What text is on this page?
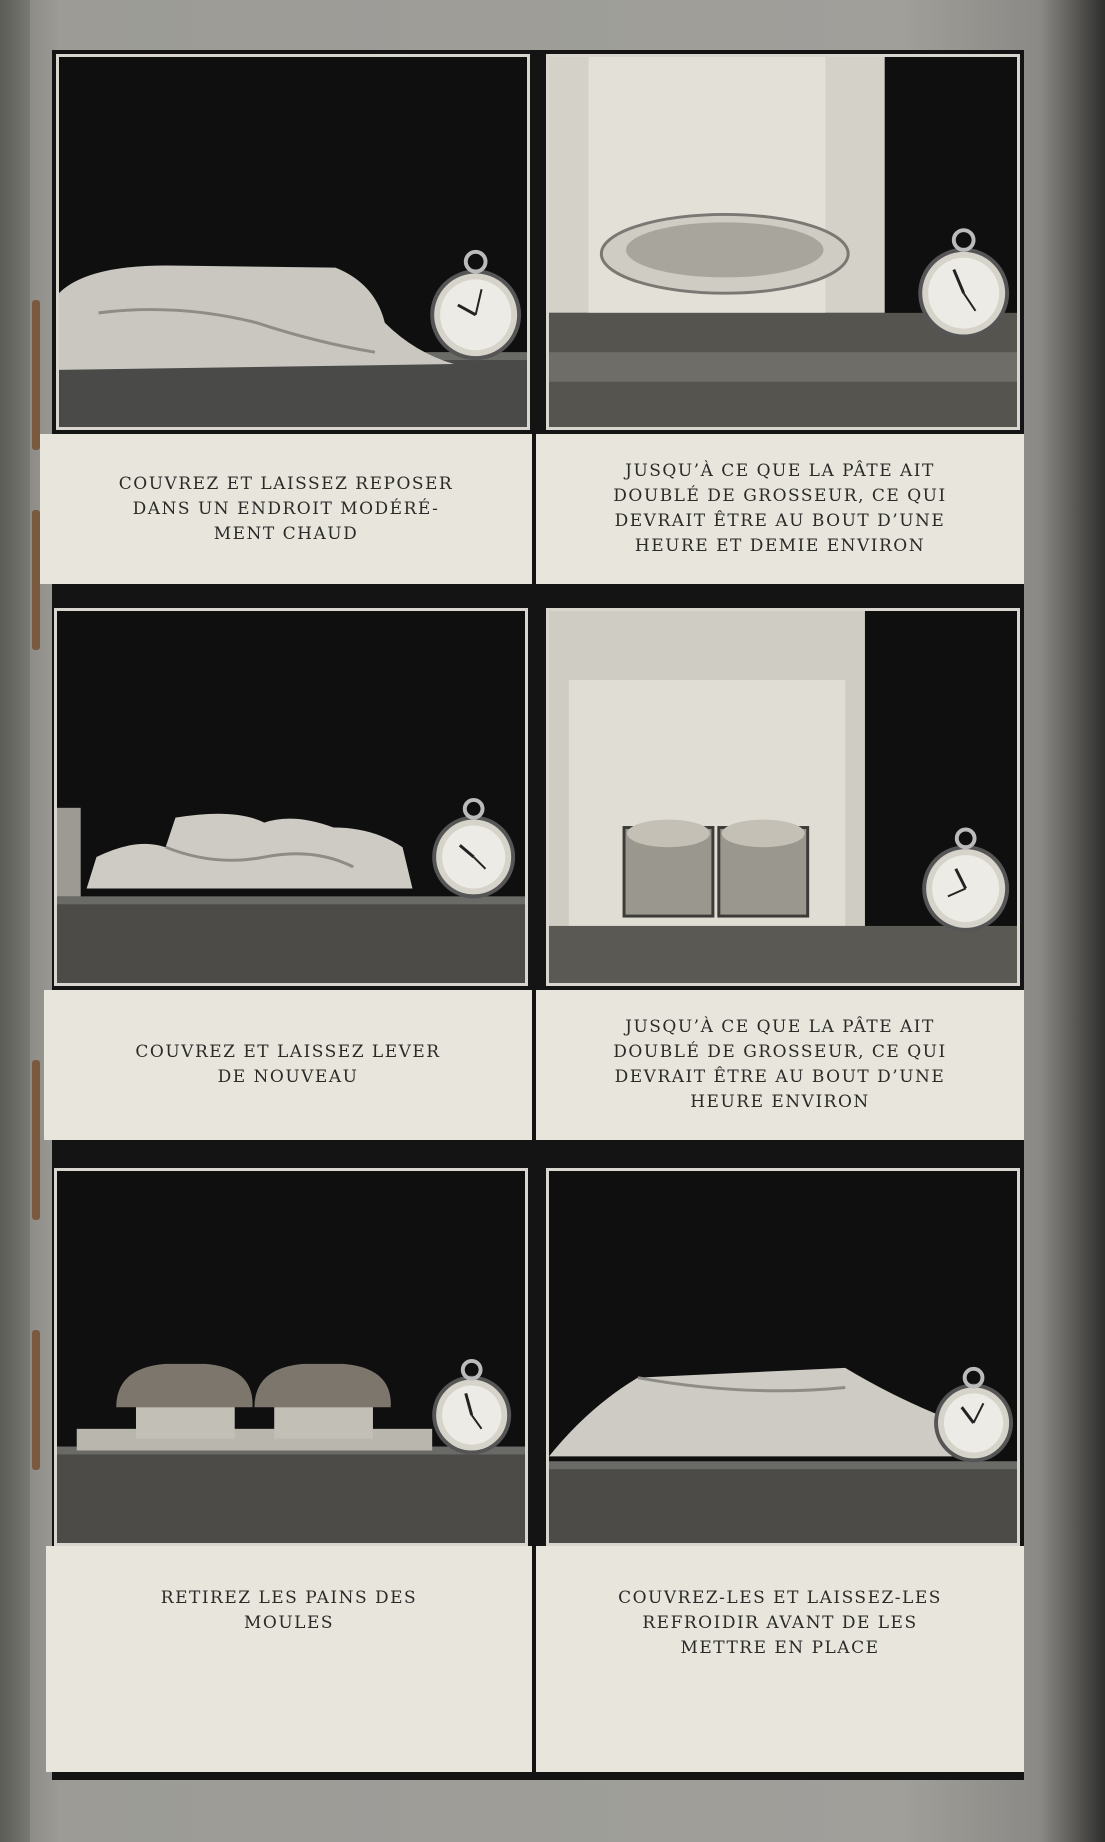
COUVREZ ET LAISSEZ REPOSER
DANS UN ENDROIT MODÉRÉ-
MENT CHAUD
JUSQU’À CE QUE LA PÂTE AIT
DOUBLÉ DE GROSSEUR, CE QUI
DEVRAIT ÊTRE AU BOUT D’UNE
HEURE ET DEMIE ENVIRON
COUVREZ ET LAISSEZ LEVER
DE NOUVEAU
JUSQU’À CE QUE LA PÂTE AIT
DOUBLÉ DE GROSSEUR, CE QUI
DEVRAIT ÊTRE AU BOUT D’UNE
HEURE ENVIRON
RETIREZ LES PAINS DES
MOULES
COUVREZ-LES ET LAISSEZ-LES
REFROIDIR AVANT DE LES
METTRE EN PLACE
